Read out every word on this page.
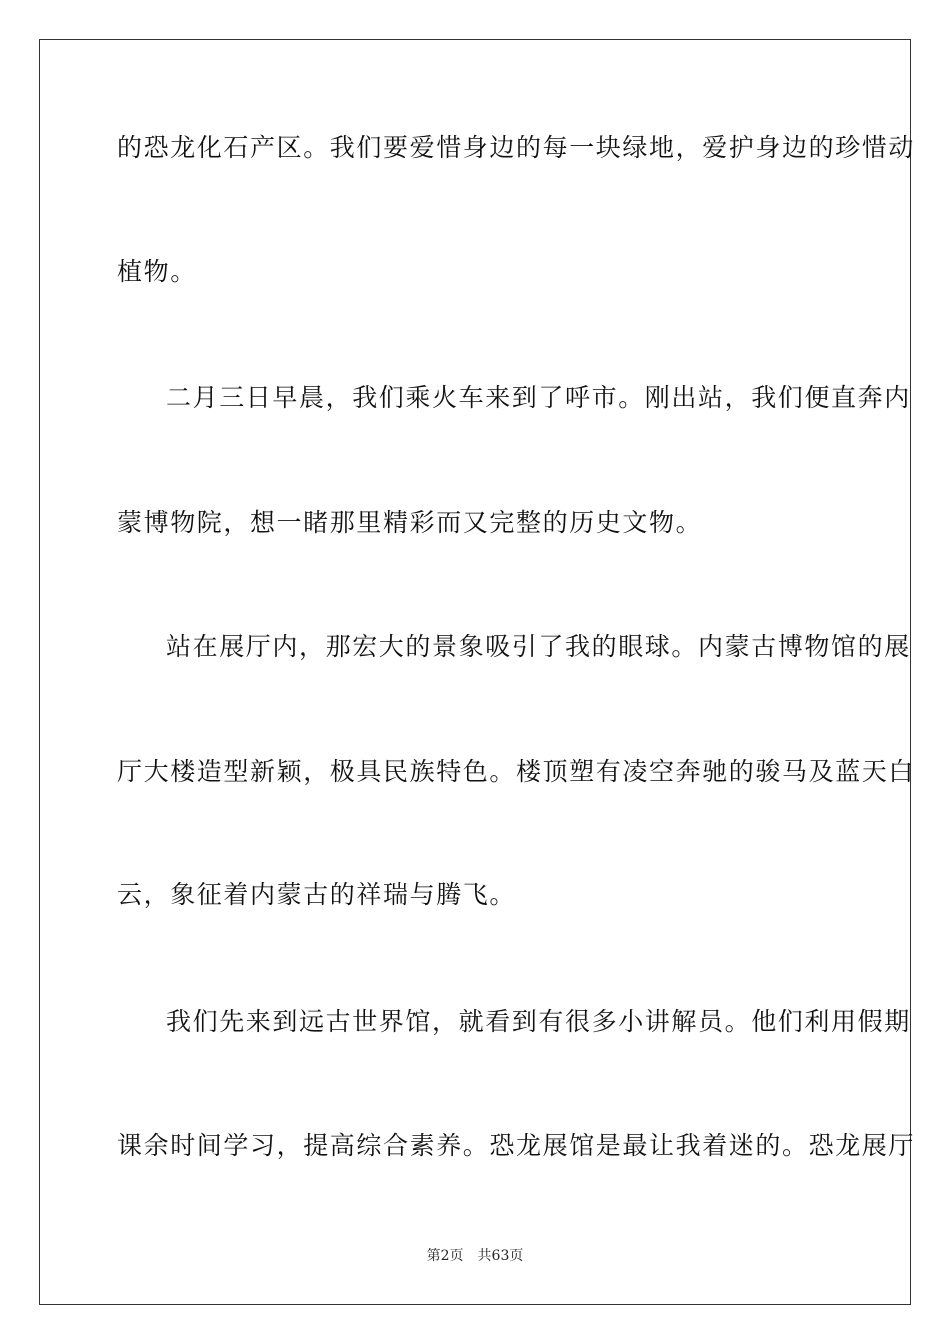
的恐龙化石产区。我们要爱惜身边的每一块绿地，爱护身边的珍惜动
植物。
二月三日早晨，我们乘火车来到了呼市。刚出站，我们便直奔内
蒙博物院，想一睹那里精彩而又完整的历史文物。
站在展厅内，那宏大的景象吸引了我的眼球。内蒙古博物馆的展
厅大楼造型新颖，极具民族特色。楼顶塑有凌空奔驰的骏马及蓝天白
云，象征着内蒙古的祥瑞与腾飞。
我们先来到远古世界馆，就看到有很多小讲解员。他们利用假期
课余时间学习，提高综合素养。恐龙展馆是最让我着迷的。恐龙展厅
第2页 共63页
